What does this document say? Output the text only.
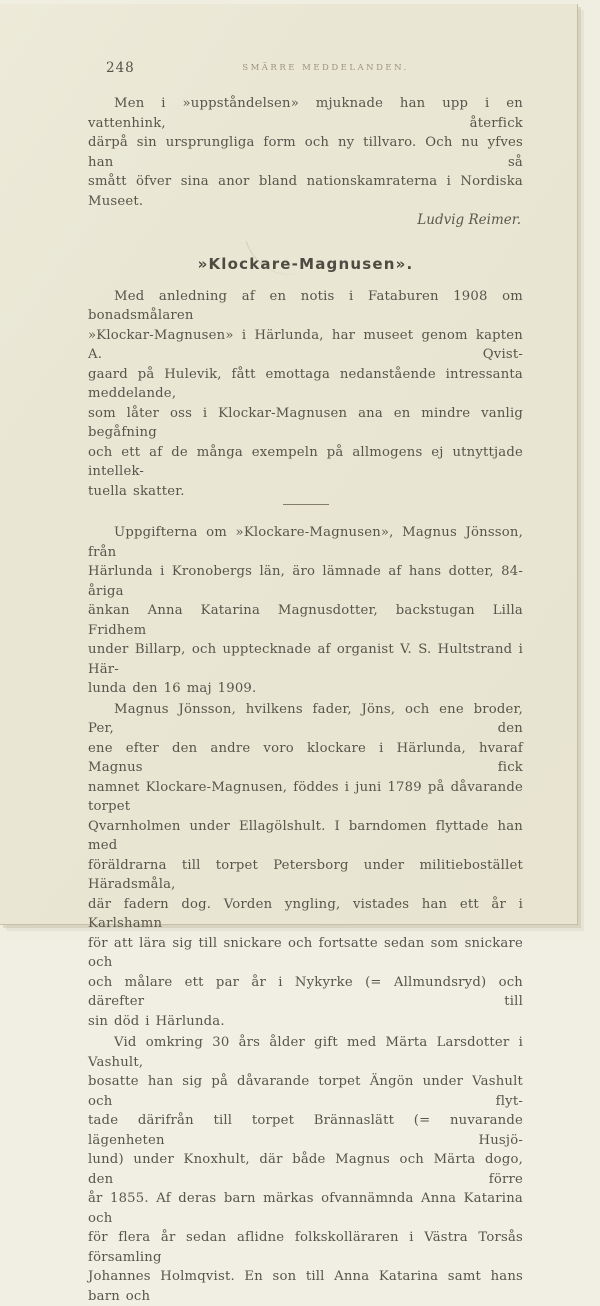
248	SMÄRRE MEDDELANDEN.
Men i »uppståndelsen» mjuknade han upp i en vattenhink, återfick
därpå sin ursprungliga form och ny tillvaro. Och nu yfves han så
smått öfver sina anor bland nationskamraterna i Nordiska Museet.
Ludvig Reimer.
»Klockare-Magnusen».
Med anledning af en notis i Fataburen 1908 om bonadsmålaren
»Klockar-Magnusen» i Härlunda, har museet genom kapten A. Qvist-
gaard på Hulevik, fått emottaga nedanstående intressanta meddelande,
som låter oss i Klockar-Magnusen ana en mindre vanlig begåfning
och ett af de många exempeln på allmogens ej utnyttjade intellek-
tuella skatter.
Uppgifterna om »Klockare-Magnusen», Magnus Jönsson, från
Härlunda i Kronobergs län, äro lämnade af hans dotter, 84-åriga
änkan Anna Katarina Magnusdotter, backstugan Lilla Fridhem
under Billarp, och upptecknade af organist V. S. Hultstrand i Här-
lunda den 16 maj 1909.
Magnus Jönsson, hvilkens fader, Jöns, och ene broder, Per, den
ene efter den andre voro klockare i Härlunda, hvaraf Magnus fick
namnet Klockare-Magnusen, föddes i juni 1789 på dåvarande torpet
Qvarnholmen under Ellagölshult. I barndomen flyttade han med
föräldrarna till torpet Petersborg under militiebostället Häradsmåla,
där fadern dog. Vorden yngling, vistades han ett år i Karlshamn
för att lära sig till snickare och fortsatte sedan som snickare och
och målare ett par år i Nykyrke (= Allmundsryd) och därefter till
sin död i Härlunda.
Vid omkring 30 års ålder gift med Märta Larsdotter i Vashult,
bosatte han sig på dåvarande torpet Ängön under Vashult och flyt-
tade därifrån till torpet Brännaslätt (= nuvarande lägenheten Husjö-
lund) under Knoxhult, där både Magnus och Märta dogo, den förre
år 1855. Af deras barn märkas ofvannämnda Anna Katarina och
för flera år sedan aflidne folkskolläraren i Västra Torsås församling
Johannes Holmqvist. En son till Anna Katarina samt hans barn och
